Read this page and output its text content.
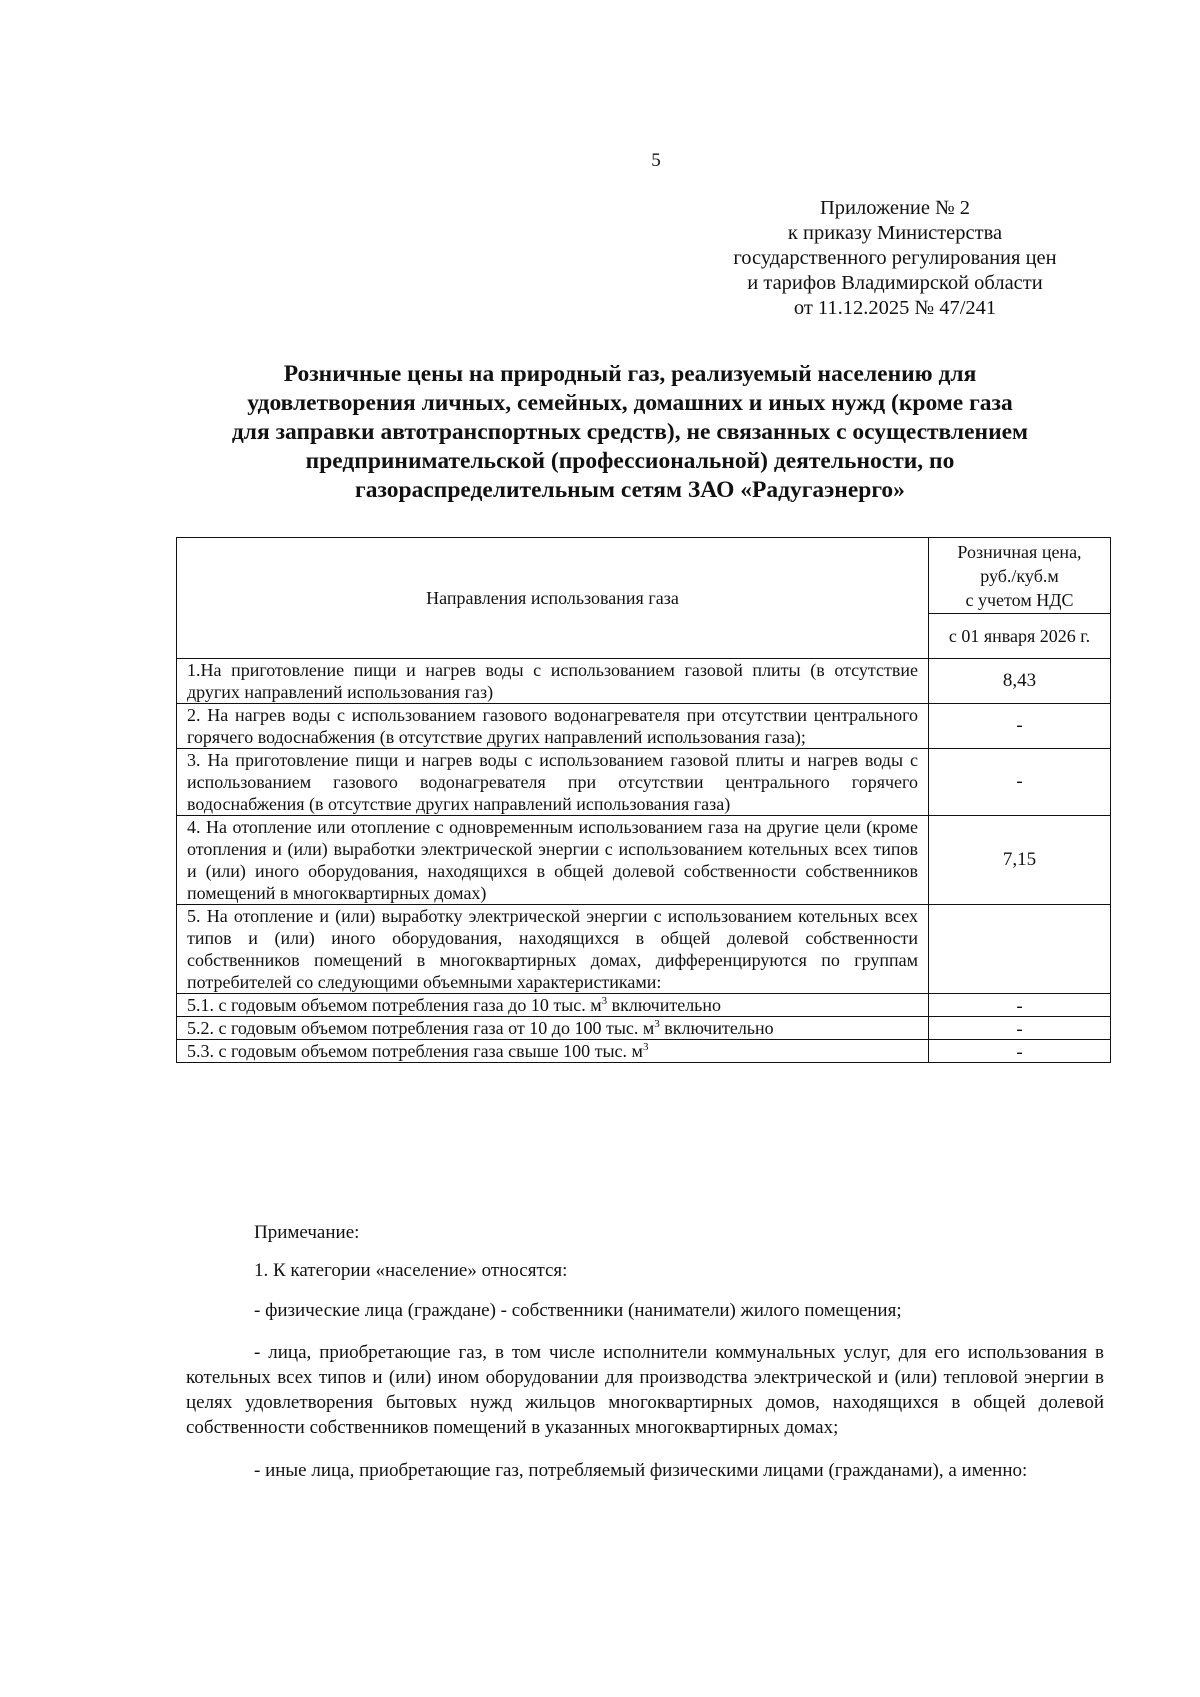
5
Приложение № 2
к приказу Министерства
государственного регулирования цен
и тарифов Владимирской области
от 11.12.2025 № 47/241
Розничные цены на природный газ, реализуемый населению для
удовлетворения личных, семейных, домашних и иных нужд (кроме газа
для заправки автотранспортных средств), не связанных с осуществлением
предпринимательской (профессиональной) деятельности, по
газораспределительным сетям ЗАО «Радугаэнерго»
Направления использования газа	Розничная цена,
руб./куб.м
с учетом НДС

	с 01 января 2026 г.
1.На приготовление пищи и нагрев воды с использованием газовой плиты (в отсутствие других направлений использования газ)	8,43
2. На нагрев воды с использованием газового водонагревателя при отсутствии центрального горячего водоснабжения (в отсутствие других направлений использования газа);	-
3. На приготовление пищи и нагрев воды с использованием газовой плиты и нагрев воды с использованием газового водонагревателя при отсутствии центрального горячего водоснабжения (в отсутствие других направлений использования газа)	-
4. На отопление или отопление с одновременным использованием газа на другие цели (кроме отопления и (или) выработки электрической энергии с использованием котельных всех типов и (или) иного оборудования, находящихся в общей долевой собственности собственников помещений в многоквартирных домах)	7,15
5. На отопление и (или) выработку электрической энергии с использованием котельных всех типов и (или) иного оборудования, находящихся в общей долевой собственности собственников помещений в многоквартирных домах, дифференцируются по группам потребителей со следующими объемными характеристиками:	
5.1. с годовым объемом потребления газа до 10 тыс. $м^3$ включительно	-
5.2. с годовым объемом потребления газа от 10 до 100 тыс. $м^3$ включительно	-
5.3. с годовым объемом потребления газа свыше 100 тыс. $м^3$	-

Примечание:

1. К категории «население» относятся:

- физические лица (граждане) - собственники (наниматели) жилого помещения;

- лица, приобретающие газ, в том числе исполнители коммунальных услуг, для его использования в котельных всех типов и (или) ином оборудовании для производства электрической и (или) тепловой энергии в целях удовлетворения бытовых нужд жильцов многоквартирных домов, находящихся в общей долевой собственности собственников помещений в указанных многоквартирных домах;

- иные лица, приобретающие газ, потребляемый физическими лицами (гражданами), а именно:
